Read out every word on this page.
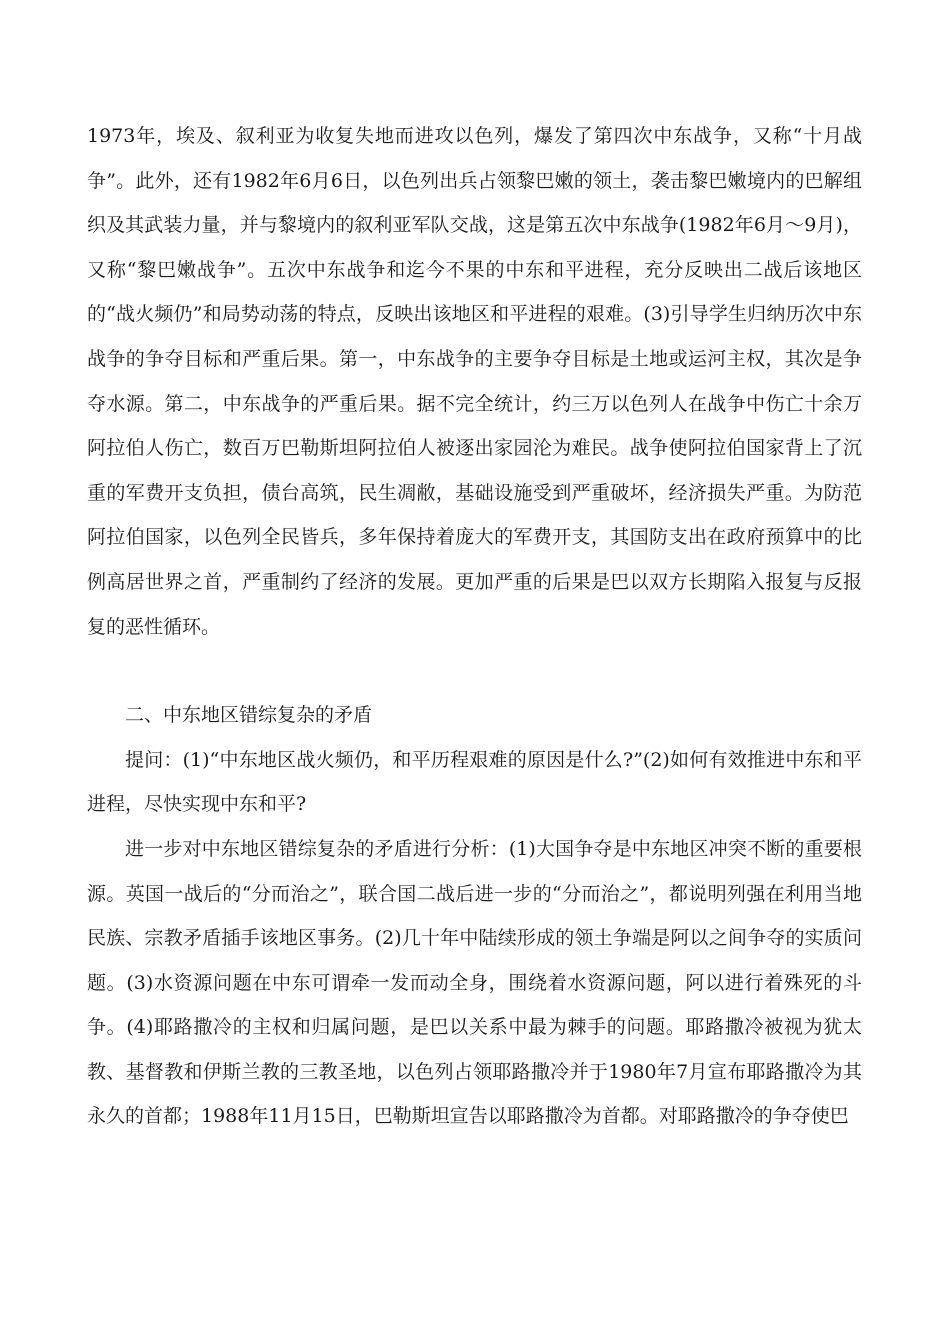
1973年，埃及、叙利亚为收复失地而进攻以色列，爆发了第四次中东战争，又称“十月战争”。此外，还有1982年6月6日，以色列出兵占领黎巴嫩的领土，袭击黎巴嫩境内的巴解组织及其武装力量，并与黎境内的叙利亚军队交战，这是第五次中东战争(1982年6月～9月)，又称“黎巴嫩战争”。五次中东战争和迄今不果的中东和平进程，充分反映出二战后该地区的“战火频仍”和局势动荡的特点，反映出该地区和平进程的艰难。(3)引导学生归纳历次中东战争的争夺目标和严重后果。第一，中东战争的主要争夺目标是土地或运河主权，其次是争夺水源。第二，中东战争的严重后果。据不完全统计，约三万以色列人在战争中伤亡十余万阿拉伯人伤亡，数百万巴勒斯坦阿拉伯人被逐出家园沦为难民。战争使阿拉伯国家背上了沉重的军费开支负担，债台高筑，民生凋敝，基础设施受到严重破坏，经济损失严重。为防范阿拉伯国家，以色列全民皆兵，多年保持着庞大的军费开支，其国防支出在政府预算中的比例高居世界之首，严重制约了经济的发展。更加严重的后果是巴以双方长期陷入报复与反报复的恶性循环。

二、中东地区错综复杂的矛盾

提问：(1)“中东地区战火频仍，和平历程艰难的原因是什么?”(2)如何有效推进中东和平进程，尽快实现中东和平?

进一步对中东地区错综复杂的矛盾进行分析：(1)大国争夺是中东地区冲突不断的重要根源。英国一战后的“分而治之”，联合国二战后进一步的“分而治之”，都说明列强在利用当地民族、宗教矛盾插手该地区事务。(2)几十年中陆续形成的领土争端是阿以之间争夺的实质问题。(3)水资源问题在中东可谓牵一发而动全身，围绕着水资源问题，阿以进行着殊死的斗争。(4)耶路撒冷的主权和归属问题，是巴以关系中最为棘手的问题。耶路撒冷被视为犹太教、基督教和伊斯兰教的三教圣地，以色列占领耶路撒冷并于1980年7月宣布耶路撒冷为其永久的首都；1988年11月15日，巴勒斯坦宣告以耶路撒冷为首都。对耶路撒冷的争夺使巴
